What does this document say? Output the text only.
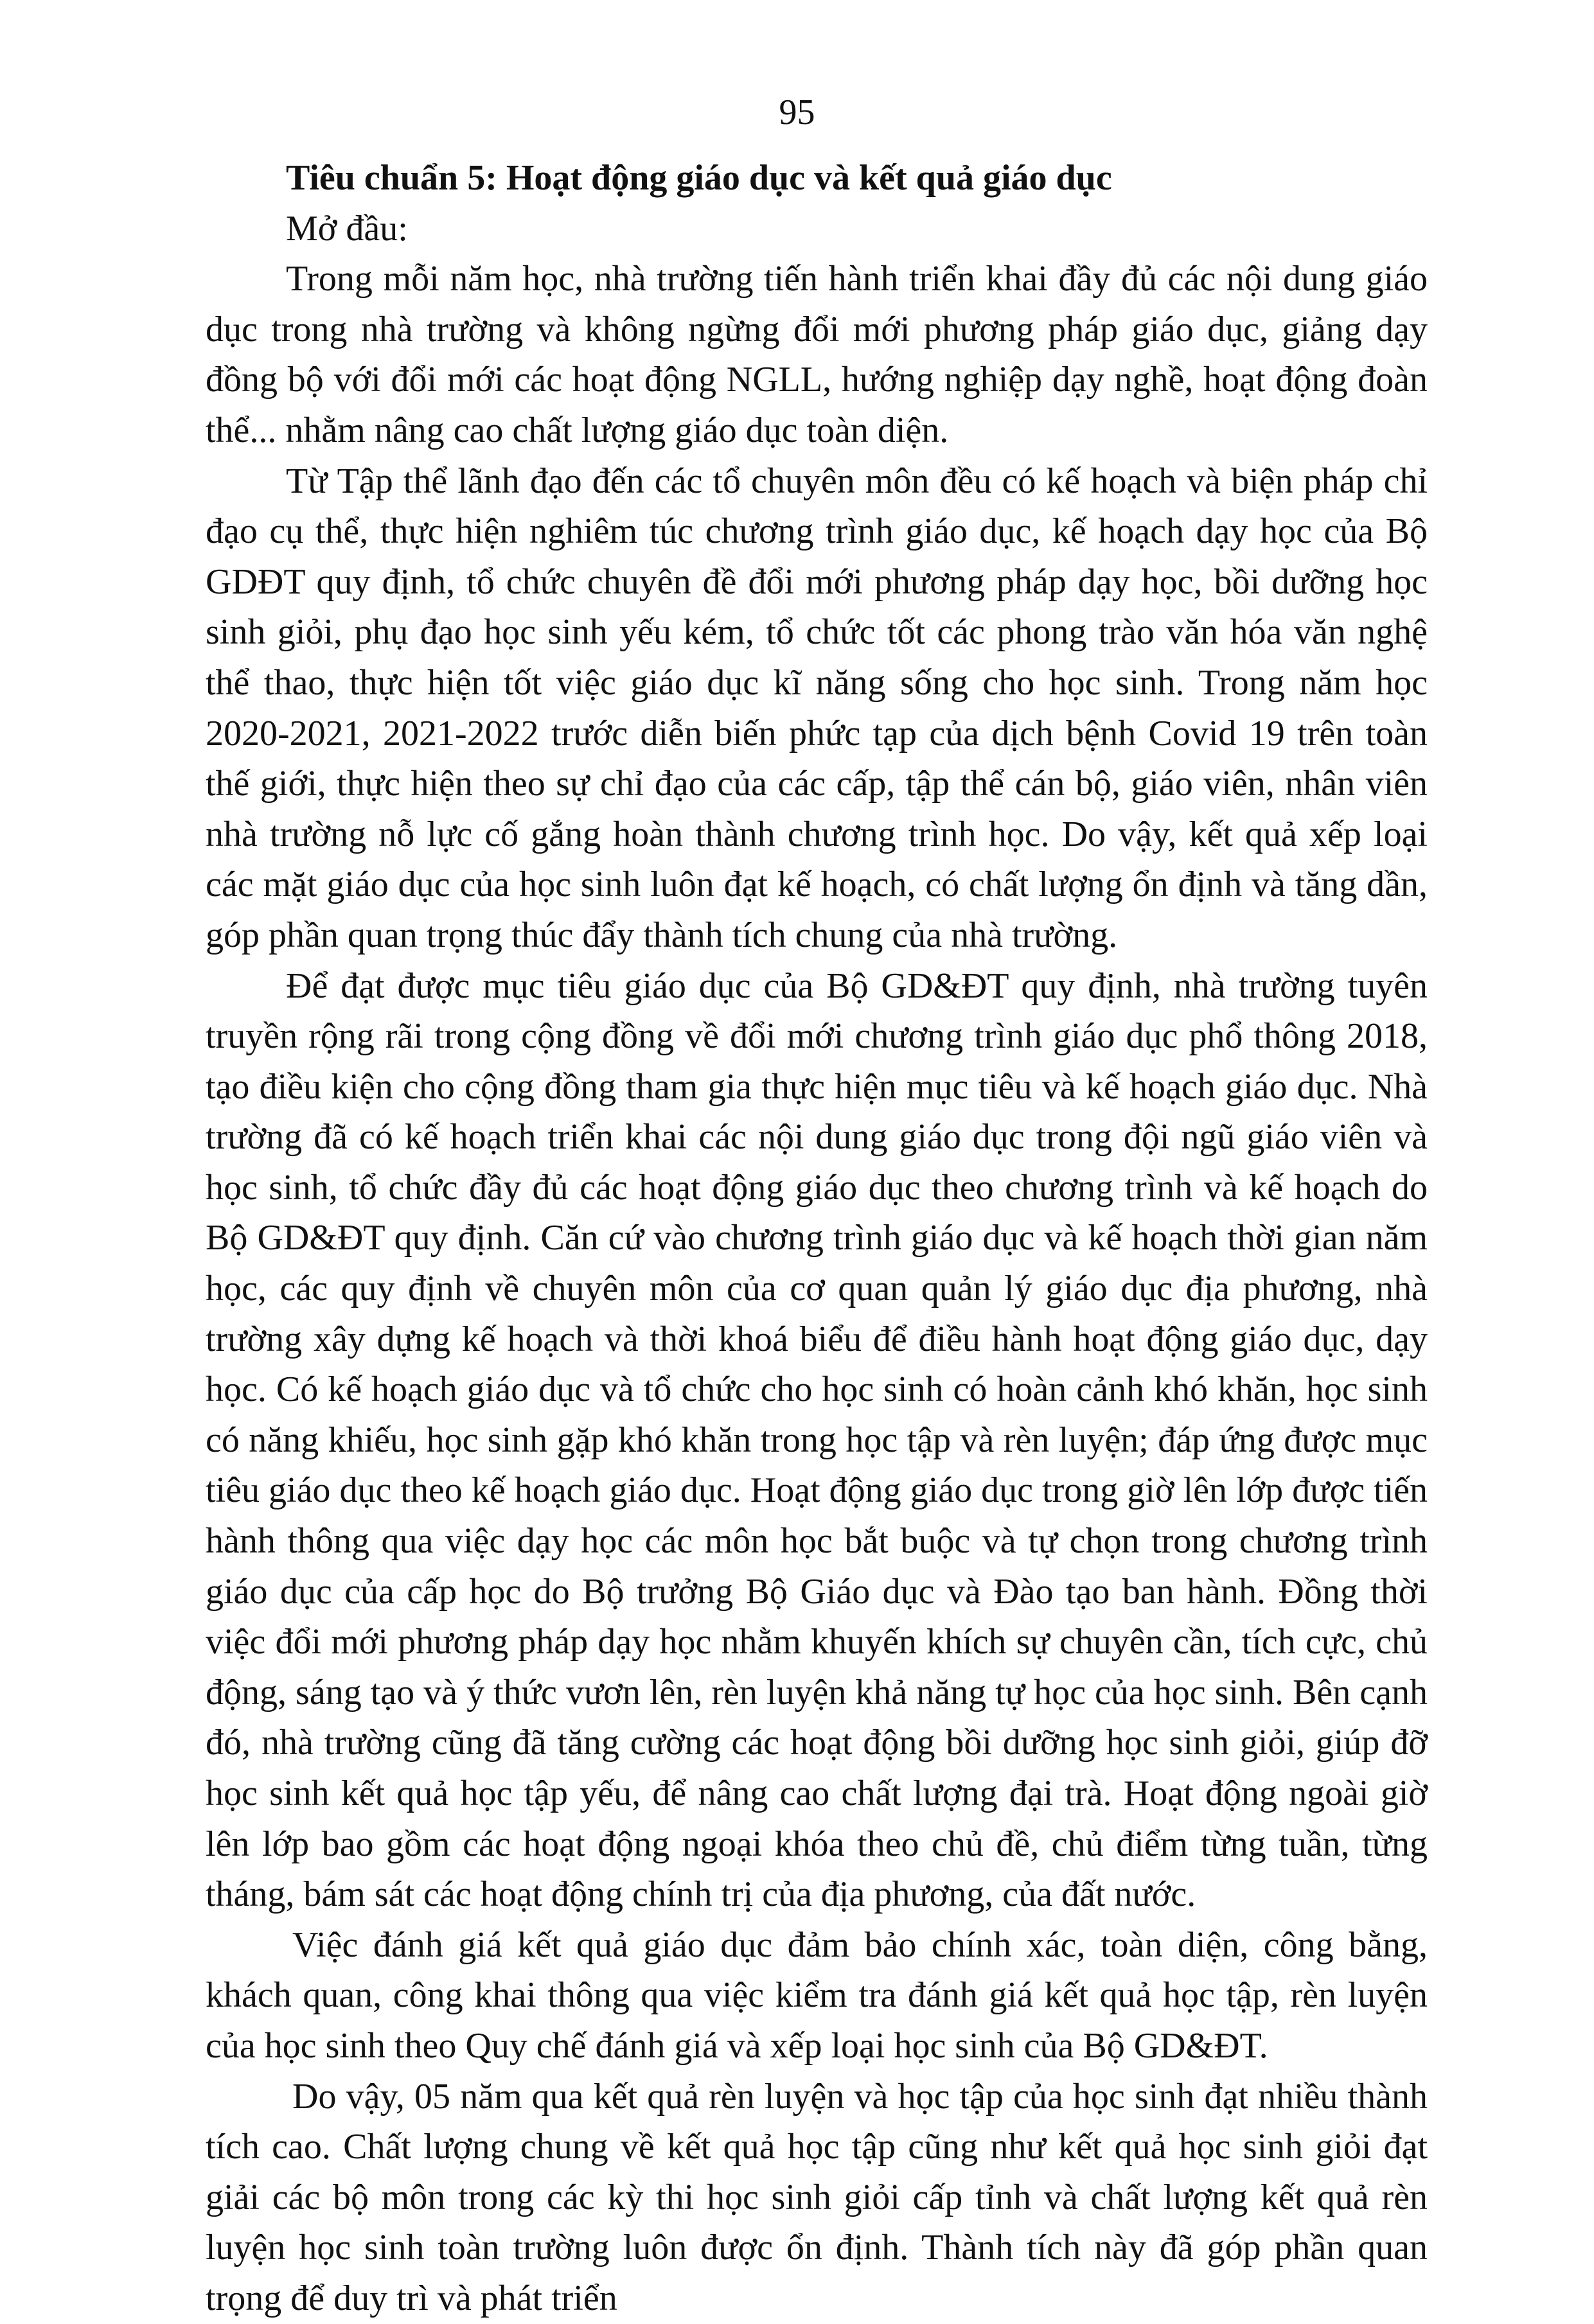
95

Tiêu chuẩn 5: Hoạt động giáo dục và kết quả giáo dục

Mở đầu:

Trong mỗi năm học, nhà trường tiến hành triển khai đầy đủ các nội dung giáo dục trong nhà trường và không ngừng đổi mới phương pháp giáo dục, giảng dạy đồng bộ với đổi mới các hoạt động NGLL, hướng nghiệp dạy nghề, hoạt động đoàn thể... nhằm nâng cao chất lượng giáo dục toàn diện.

Từ Tập thể lãnh đạo đến các tổ chuyên môn đều có kế hoạch và biện pháp chỉ đạo cụ thể, thực hiện nghiêm túc chương trình giáo dục, kế hoạch dạy học của Bộ GDĐT quy định, tổ chức chuyên đề đổi mới phương pháp dạy học, bồi dưỡng học sinh giỏi, phụ đạo học sinh yếu kém, tổ chức tốt các phong trào văn hóa văn nghệ thể thao, thực hiện tốt việc giáo dục kĩ năng sống cho học sinh. Trong năm học 2020-2021, 2021-2022 trước diễn biến phức tạp của dịch bệnh Covid 19 trên toàn thế giới, thực hiện theo sự chỉ đạo của các cấp, tập thể cán bộ, giáo viên, nhân viên nhà trường nỗ lực cố gắng hoàn thành chương trình học. Do vậy, kết quả xếp loại các mặt giáo dục của học sinh luôn đạt kế hoạch, có chất lượng ổn định và tăng dần, góp phần quan trọng thúc đẩy thành tích chung của nhà trường.

Để đạt được mục tiêu giáo dục của Bộ GD&ĐT quy định, nhà trường tuyên truyền rộng rãi trong cộng đồng về đổi mới chương trình giáo dục phổ thông 2018, tạo điều kiện cho cộng đồng tham gia thực hiện mục tiêu và kế hoạch giáo dục. Nhà trường đã có kế hoạch triển khai các nội dung giáo dục trong đội ngũ giáo viên và học sinh, tổ chức đầy đủ các hoạt động giáo dục theo chương trình và kế hoạch do Bộ GD&ĐT quy định. Căn cứ vào chương trình giáo dục và kế hoạch thời gian năm học, các quy định về chuyên môn của cơ quan quản lý giáo dục địa phương, nhà trường xây dựng kế hoạch và thời khoá biểu để điều hành hoạt động giáo dục, dạy học. Có kế hoạch giáo dục và tổ chức cho học sinh có hoàn cảnh khó khăn, học sinh có năng khiếu, học sinh gặp khó khăn trong học tập và rèn luyện; đáp ứng được mục tiêu giáo dục theo kế hoạch giáo dục. Hoạt động giáo dục trong giờ lên lớp được tiến hành thông qua việc dạy học các môn học bắt buộc và tự chọn trong chương trình giáo dục của cấp học do Bộ trưởng Bộ Giáo dục và Đào tạo ban hành. Đồng thời việc đổi mới phương pháp dạy học nhằm khuyến khích sự chuyên cần, tích cực, chủ động, sáng tạo và ý thức vươn lên, rèn luyện khả năng tự học của học sinh. Bên cạnh đó, nhà trường cũng đã tăng cường các hoạt động bồi dưỡng học sinh giỏi, giúp đỡ học sinh kết quả học tập yếu, để nâng cao chất lượng đại trà. Hoạt động ngoài giờ lên lớp bao gồm các hoạt động ngoại khóa theo chủ đề, chủ điểm từng tuần, từng tháng, bám sát các hoạt động chính trị của địa phương, của đất nước.

Việc đánh giá kết quả giáo dục đảm bảo chính xác, toàn diện, công bằng, khách quan, công khai thông qua việc kiểm tra đánh giá kết quả học tập, rèn luyện của học sinh theo Quy chế đánh giá và xếp loại học sinh của Bộ GD&ĐT.

Do vậy, 05 năm qua kết quả rèn luyện và học tập của học sinh đạt nhiều thành tích cao. Chất lượng chung về kết quả học tập cũng như kết quả học sinh giỏi đạt giải các bộ môn trong các kỳ thi học sinh giỏi cấp tỉnh và chất lượng kết quả rèn luyện học sinh toàn trường luôn được ổn định. Thành tích này đã góp phần quan trọng để duy trì và phát triển
